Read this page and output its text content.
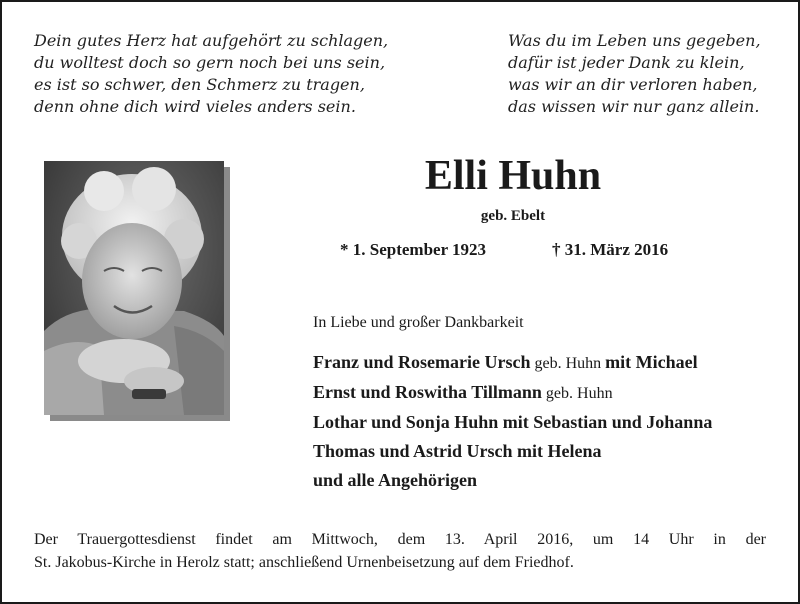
Dein gutes Herz hat aufgehört zu schlagen,
du wolltest doch so gern noch bei uns sein,
es ist so schwer, den Schmerz zu tragen,
denn ohne dich wird vieles anders sein.
Was du im Leben uns gegeben,
dafür ist jeder Dank zu klein,
was wir an dir verloren haben,
das wissen wir nur ganz allein.
Elli Huhn
geb. Ebelt
* 1. September 1923	† 31. März 2016
In Liebe und großer Dankbarkeit
Franz und Rosemarie Ursch geb. Huhn mit Michael
Ernst und Roswitha Tillmann geb. Huhn
Lothar und Sonja Huhn mit Sebastian und Johanna
Thomas und Astrid Ursch mit Helena
und alle Angehörigen
Der Trauergottesdienst findet am Mittwoch, dem 13. April 2016, um 14 Uhr in der
St. Jakobus-Kirche in Herolz statt; anschließend Urnenbeisetzung auf dem Friedhof.
